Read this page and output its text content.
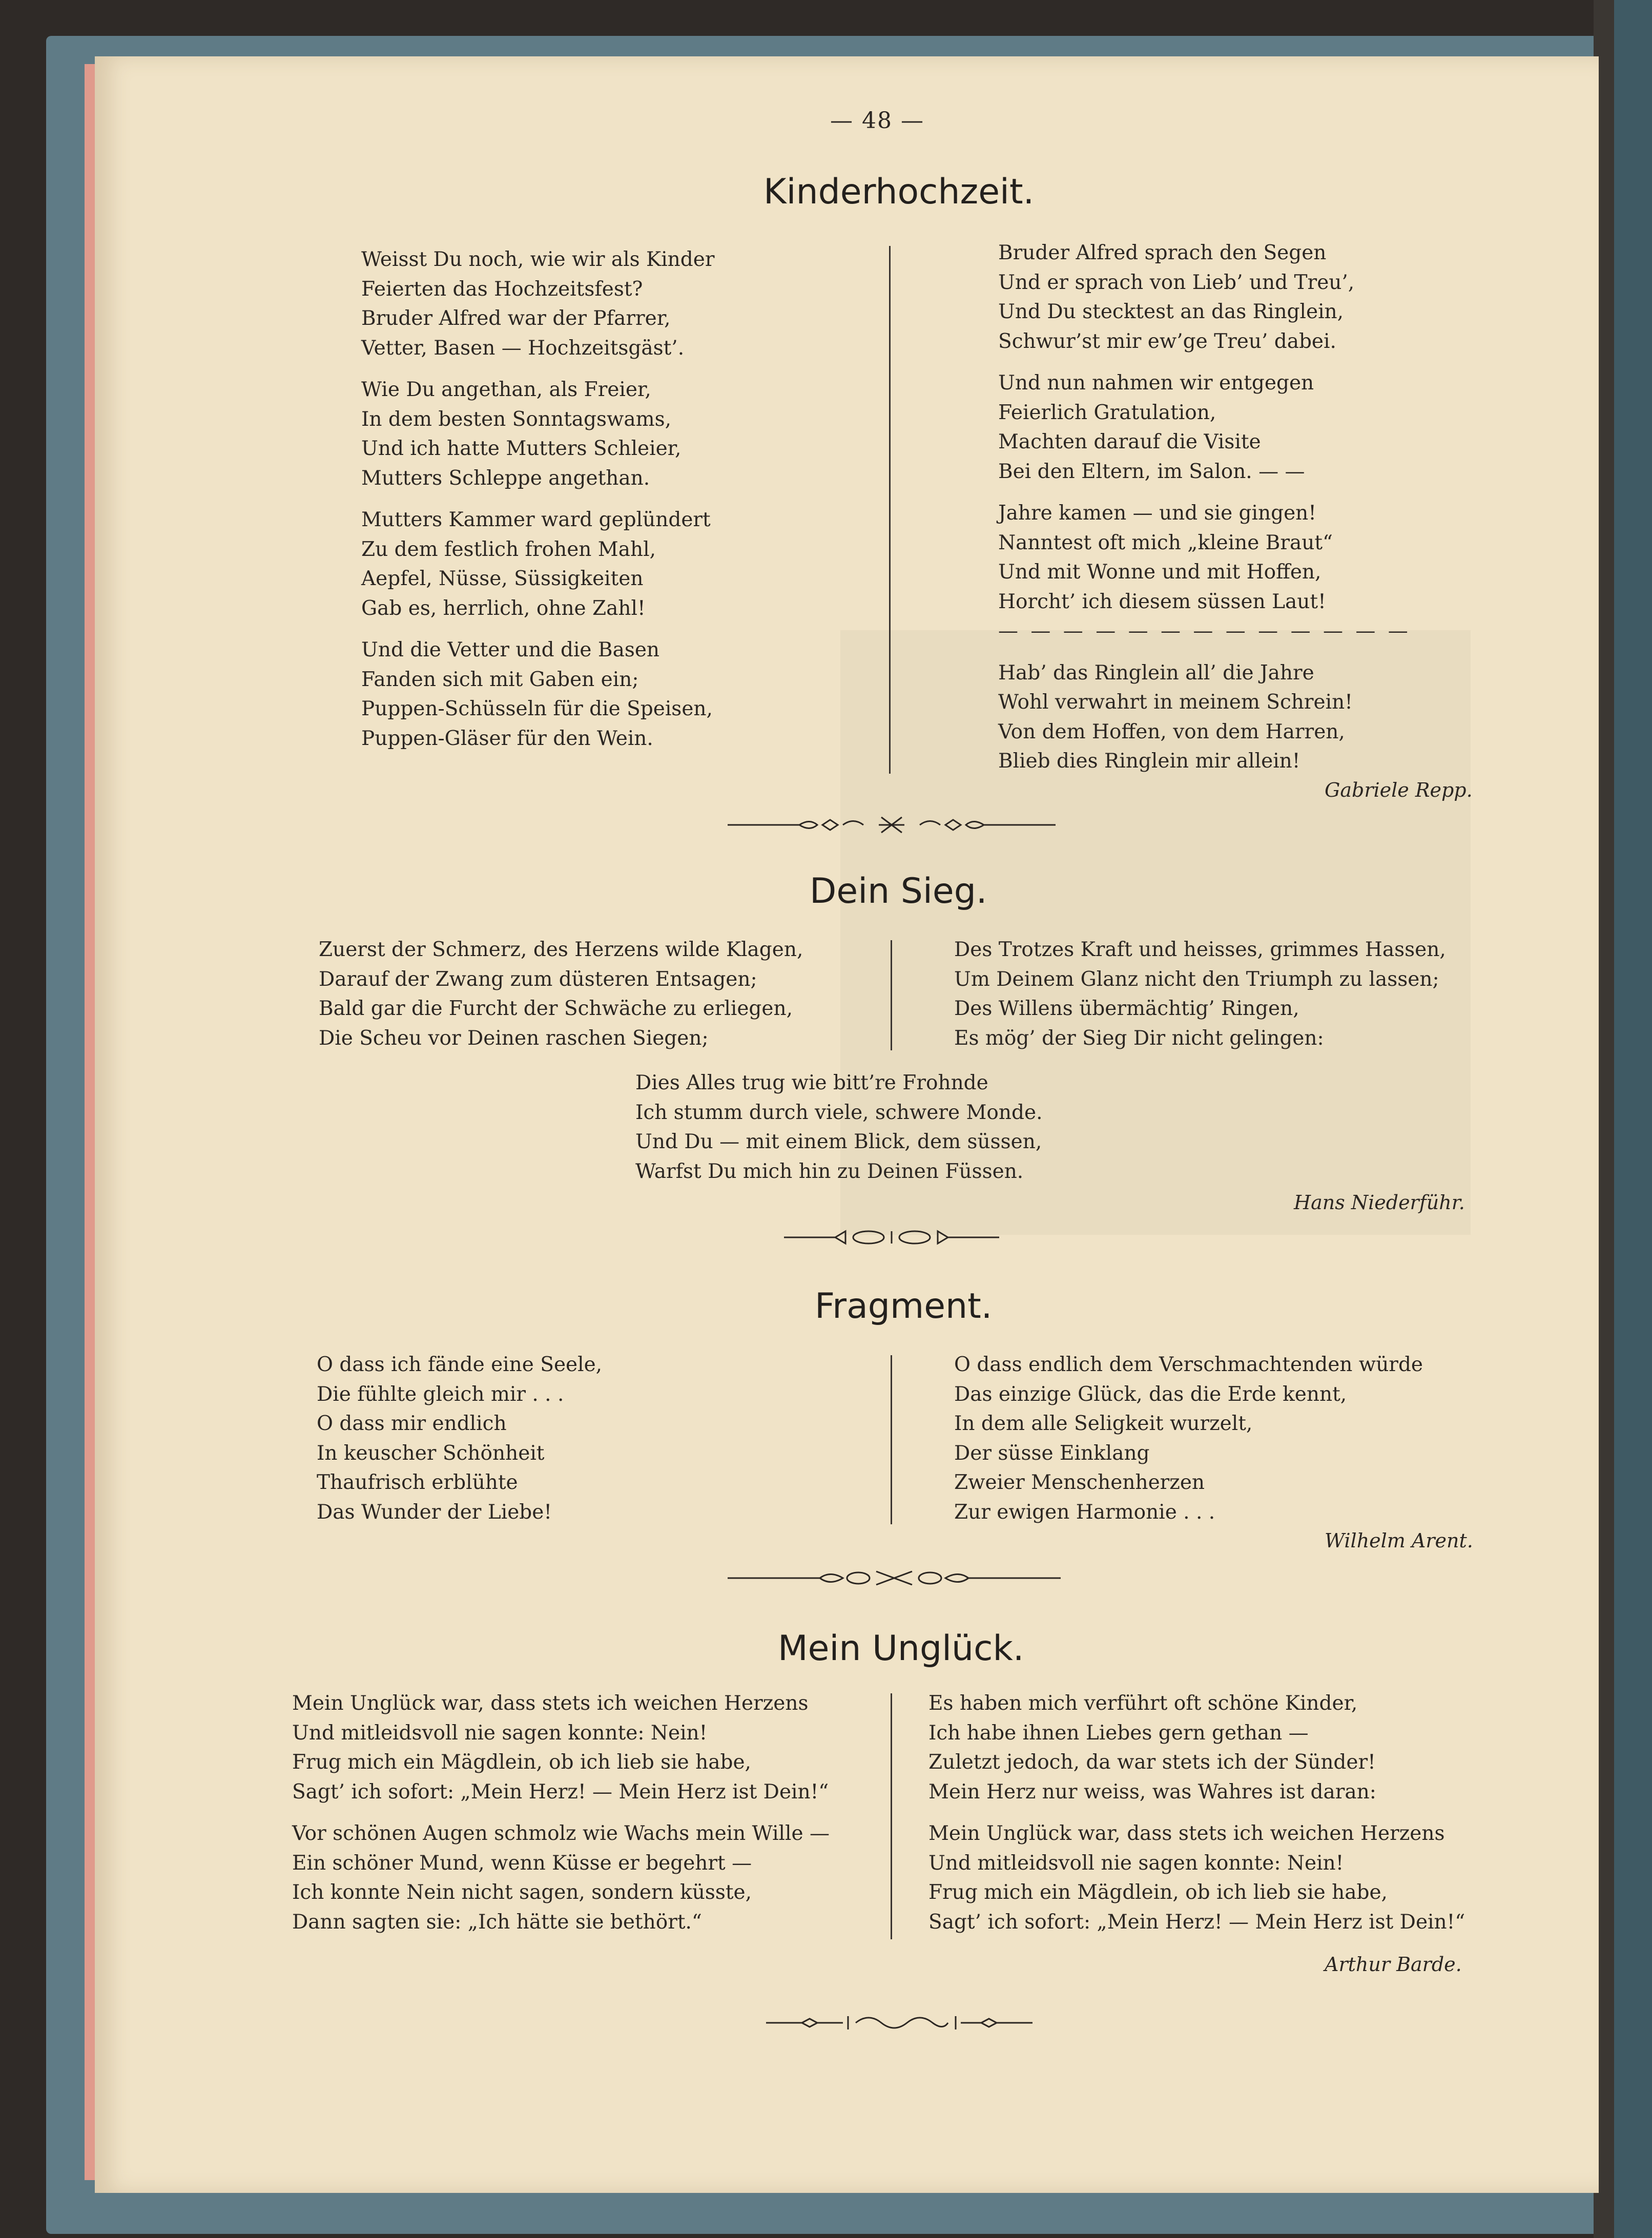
— 48 —
Kinderhochzeit.
Weisst Du noch, wie wir als Kinder
Feierten das Hochzeitsfest?
Bruder Alfred war der Pfarrer,
Vetter, Basen — Hochzeitsgäst’.
Wie Du angethan, als Freier,
In dem besten Sonntagswams,
Und ich hatte Mutters Schleier,
Mutters Schleppe angethan.
Mutters Kammer ward geplündert
Zu dem festlich frohen Mahl,
Aepfel, Nüsse, Süssigkeiten
Gab es, herrlich, ohne Zahl!
Und die Vetter und die Basen
Fanden sich mit Gaben ein;
Puppen-Schüsseln für die Speisen,
Puppen-Gläser für den Wein.
Bruder Alfred sprach den Segen
Und er sprach von Lieb’ und Treu’,
Und Du stecktest an das Ringlein,
Schwur’st mir ew’ge Treu’ dabei.
Und nun nahmen wir entgegen
Feierlich Gratulation,
Machten darauf die Visite
Bei den Eltern, im Salon. — —
Jahre kamen — und sie gingen!
Nanntest oft mich „kleine Braut“
Und mit Wonne und mit Hoffen,
Horcht’ ich diesem süssen Laut!
— — — — — — — — — — — — —
Hab’ das Ringlein all’ die Jahre
Wohl verwahrt in meinem Schrein!
Von dem Hoffen, von dem Harren,
Blieb dies Ringlein mir allein!
Gabriele Repp.
Dein Sieg.
Zuerst der Schmerz, des Herzens wilde Klagen,
Darauf der Zwang zum düsteren Entsagen;
Bald gar die Furcht der Schwäche zu erliegen,
Die Scheu vor Deinen raschen Siegen;
Des Trotzes Kraft und heisses, grimmes Hassen,
Um Deinem Glanz nicht den Triumph zu lassen;
Des Willens übermächtig’ Ringen,
Es mög’ der Sieg Dir nicht gelingen:
Dies Alles trug wie bitt’re Frohnde
Ich stumm durch viele, schwere Monde.
Und Du — mit einem Blick, dem süssen,
Warfst Du mich hin zu Deinen Füssen.
Hans Niederführ.
Fragment.
O dass ich fände eine Seele,
Die fühlte gleich mir . . .
O dass mir endlich
In keuscher Schönheit
Thaufrisch erblühte
Das Wunder der Liebe!
O dass endlich dem Verschmachtenden würde
Das einzige Glück, das die Erde kennt,
In dem alle Seligkeit wurzelt,
Der süsse Einklang
Zweier Menschenherzen
Zur ewigen Harmonie . . .
Wilhelm Arent.
Mein Unglück.
Mein Unglück war, dass stets ich weichen Herzens
Und mitleidsvoll nie sagen konnte: Nein!
Frug mich ein Mägdlein, ob ich lieb sie habe,
Sagt’ ich sofort: „Mein Herz! — Mein Herz ist Dein!“
Vor schönen Augen schmolz wie Wachs mein Wille —
Ein schöner Mund, wenn Küsse er begehrt —
Ich konnte Nein nicht sagen, sondern küsste,
Dann sagten sie: „Ich hätte sie bethört.“
Es haben mich verführt oft schöne Kinder,
Ich habe ihnen Liebes gern gethan —
Zuletzt jedoch, da war stets ich der Sünder!
Mein Herz nur weiss, was Wahres ist daran:
Mein Unglück war, dass stets ich weichen Herzens
Und mitleidsvoll nie sagen konnte: Nein!
Frug mich ein Mägdlein, ob ich lieb sie habe,
Sagt’ ich sofort: „Mein Herz! — Mein Herz ist Dein!“
Arthur Barde.
